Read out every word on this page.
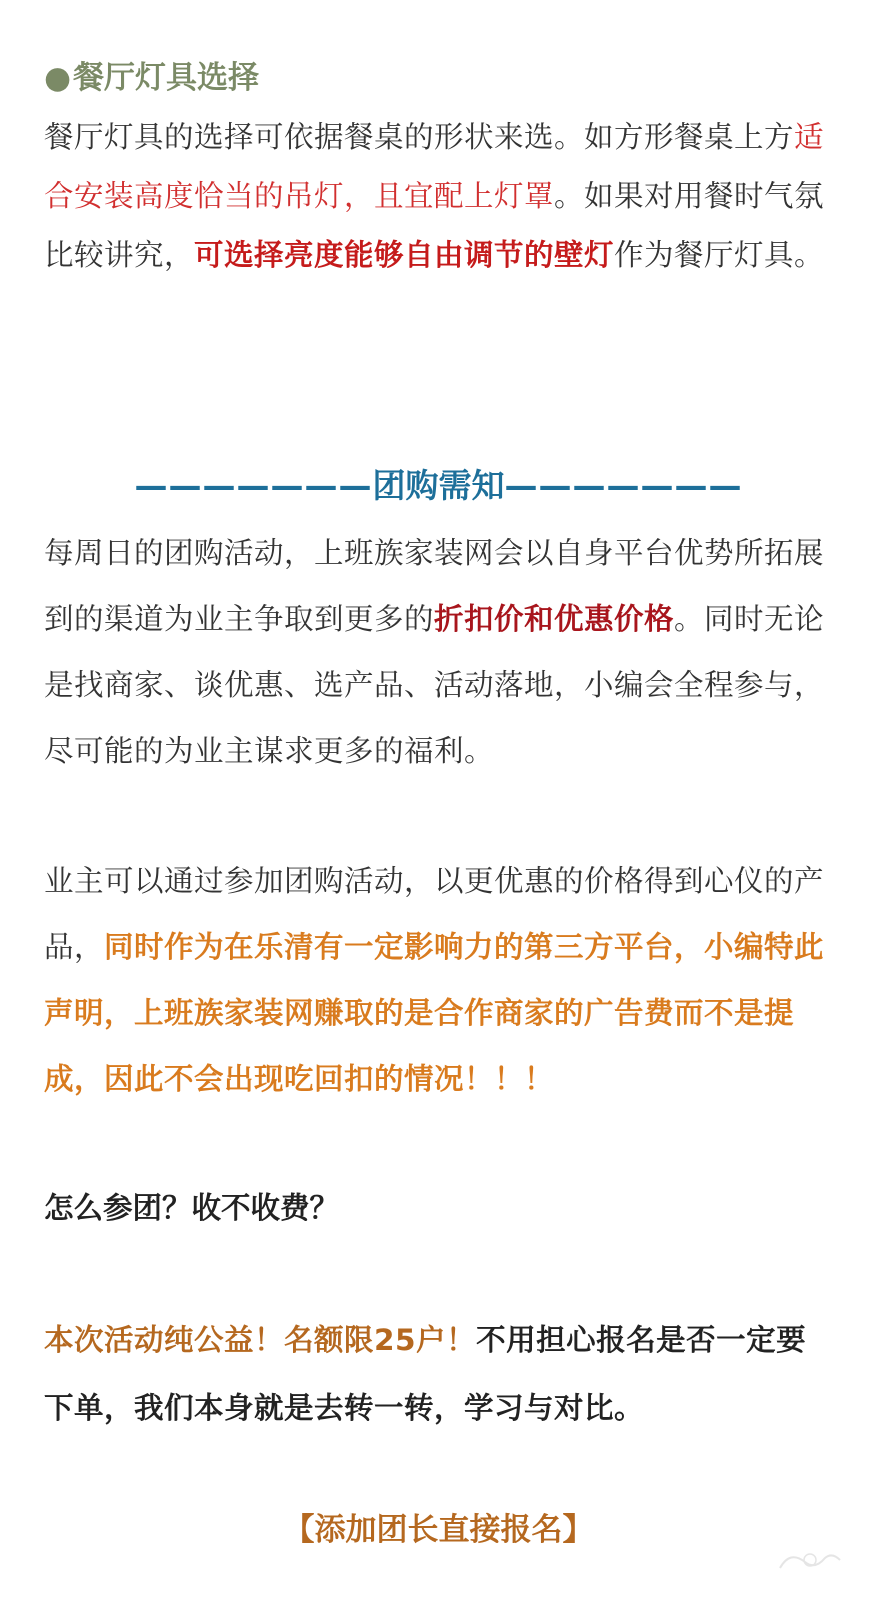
●餐厅灯具选择
餐厅灯具的选择可依据餐桌的形状来选。如方形餐桌上方适合安装高度恰当的吊灯，且宜配上灯罩。如果对用餐时气氛比较讲究，可选择亮度能够自由调节的壁灯作为餐厅灯具。
———————团购需知———————
每周日的团购活动，上班族家装网会以自身平台优势所拓展到的渠道为业主争取到更多的折扣价和优惠价格。同时无论是找商家、谈优惠、选产品、活动落地，小编会全程参与，尽可能的为业主谋求更多的福利。
业主可以通过参加团购活动，以更优惠的价格得到心仪的产品，同时作为在乐清有一定影响力的第三方平台，小编特此声明，上班族家装网赚取的是合作商家的广告费而不是提成，因此不会出现吃回扣的情况！！！
怎么参团？收不收费？
本次活动纯公益！名额限25户！不用担心报名是否一定要下单，我们本身就是去转一转，学习与对比。
【添加团长直接报名】
